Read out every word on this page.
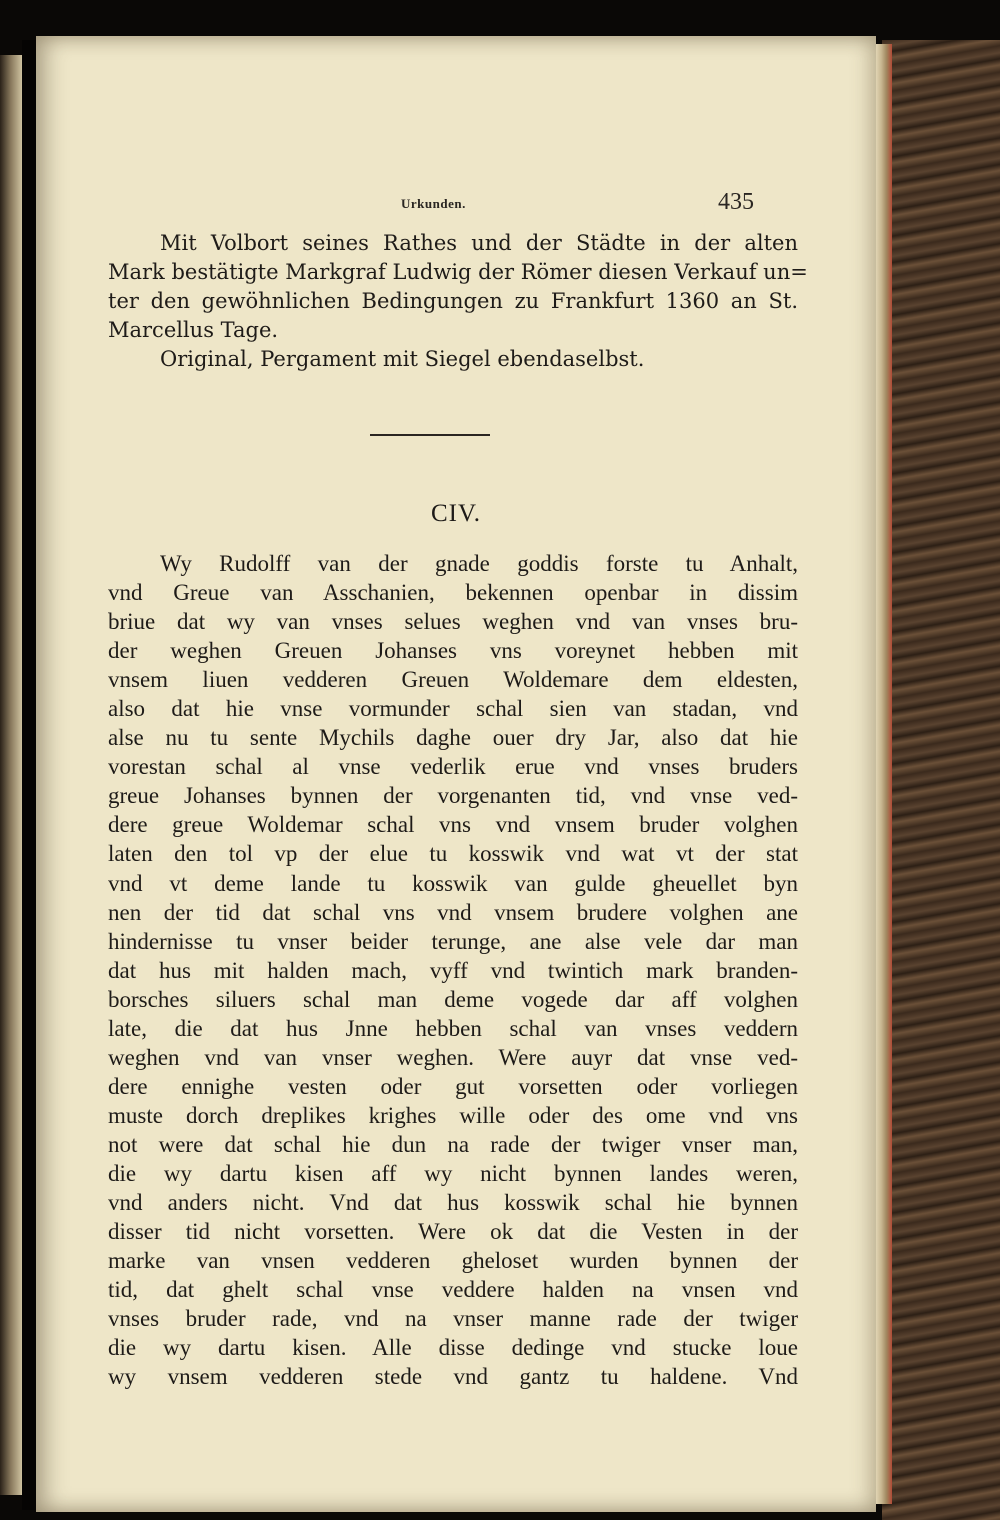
Urkunden.	435
Mit Volbort seines Rathes und der Städte in der alten
Mark bestätigte Markgraf Ludwig der Römer diesen Verkauf un=
ter den gewöhnlichen Bedingungen zu Frankfurt 1360 an St.
Marcellus Tage.
Original, Pergament mit Siegel ebendaselbst.
CIV.
Wy Rudolff van der gnade goddis forste tu Anhalt,
vnd Greue van Asschanien, bekennen openbar in dissim
briue dat wy van vnses selues weghen vnd van vnses bru-
der weghen Greuen Johanses vns voreynet hebben mit
vnsem liuen vedderen Greuen Woldemare dem eldesten,
also dat hie vnse vormunder schal sien van stadan, vnd
alse nu tu sente Mychils daghe ouer dry Jar, also dat hie
vorestan schal al vnse vederlik erue vnd vnses bruders
greue Johanses bynnen der vorgenanten tid, vnd vnse ved-
dere greue Woldemar schal vns vnd vnsem bruder volghen
laten den tol vp der elue tu kosswik vnd wat vt der stat
vnd vt deme lande tu kosswik van gulde gheuellet byn
nen der tid dat schal vns vnd vnsem brudere volghen ane
hindernisse tu vnser beider terunge, ane alse vele dar man
dat hus mit halden mach, vyff vnd twintich mark branden-
borsches siluers schal man deme vogede dar aff volghen
late, die dat hus Jnne hebben schal van vnses veddern
weghen vnd van vnser weghen. Were auyr dat vnse ved-
dere ennighe vesten oder gut vorsetten oder vorliegen
muste dorch dreplikes krighes wille oder des ome vnd vns
not were dat schal hie dun na rade der twiger vnser man,
die wy dartu kisen aff wy nicht bynnen landes weren,
vnd anders nicht. Vnd dat hus kosswik schal hie bynnen
disser tid nicht vorsetten. Were ok dat die Vesten in der
marke van vnsen vedderen gheloset wurden bynnen der
tid, dat ghelt schal vnse veddere halden na vnsen vnd
vnses bruder rade, vnd na vnser manne rade der twiger
die wy dartu kisen. Alle disse dedinge vnd stucke loue
wy vnsem vedderen stede vnd gantz tu haldene. Vnd
